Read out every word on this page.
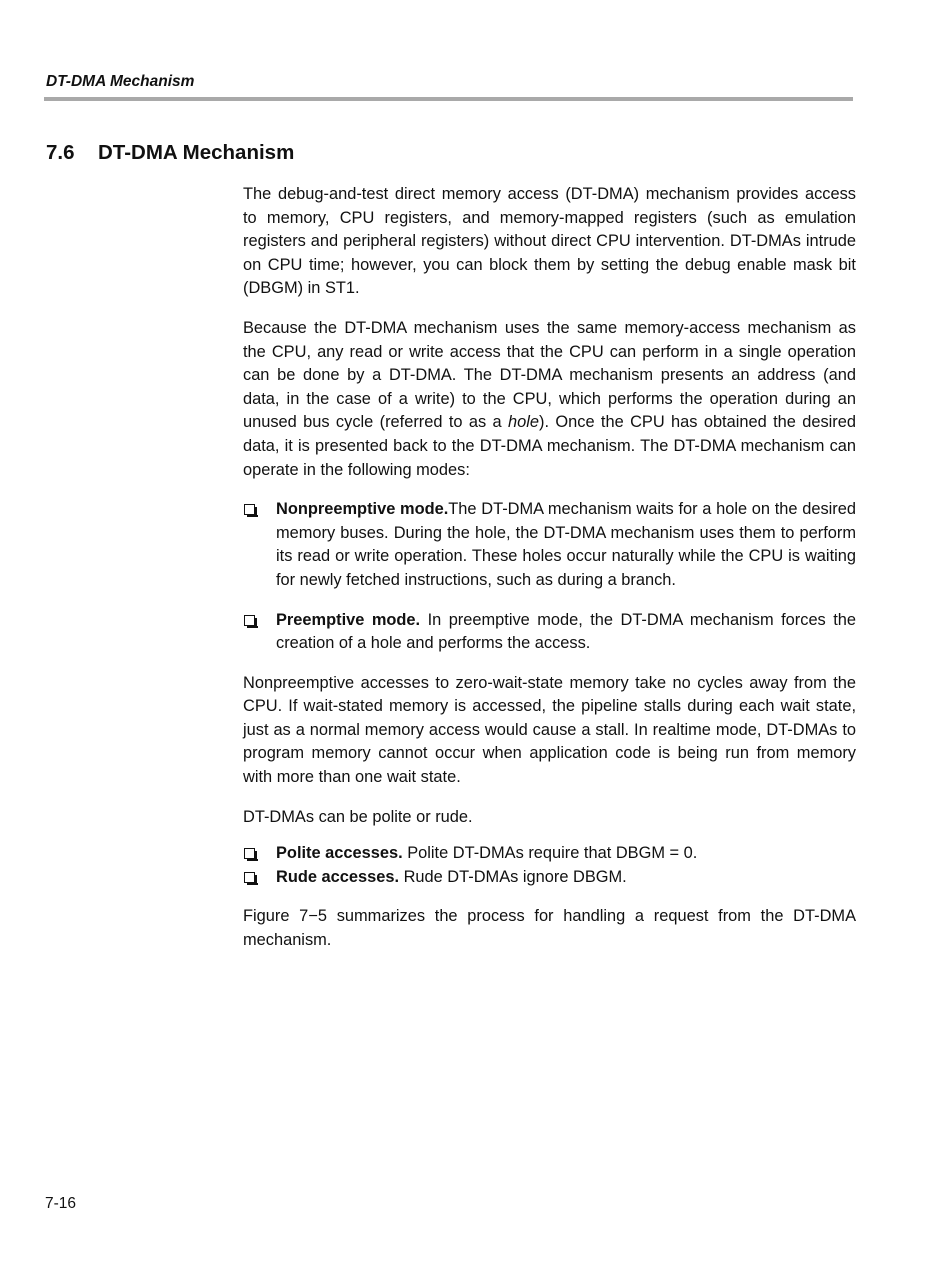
DT-DMA Mechanism
7.6 DT-DMA Mechanism

The debug-and-test direct memory access (DT-DMA) mechanism provides access to memory, CPU registers, and memory-mapped registers (such as emulation registers and peripheral registers) without direct CPU intervention. DT-DMAs intrude on CPU time; however, you can block them by setting the debug enable mask bit (DBGM) in ST1.

Because the DT-DMA mechanism uses the same memory-access mechanism as the CPU, any read or write access that the CPU can perform in a single operation can be done by a DT-DMA. The DT-DMA mechanism presents an address (and data, in the case of a write) to the CPU, which performs the operation during an unused bus cycle (referred to as a hole). Once the CPU has obtained the desired data, it is presented back to the DT-DMA mechanism. The DT-DMA mechanism can operate in the following modes:

Nonpreemptive mode.The DT-DMA mechanism waits for a hole on the desired memory buses. During the hole, the DT-DMA mechanism uses them to perform its read or write operation. These holes occur naturally while the CPU is waiting for newly fetched instructions, such as during a branch.
Preemptive mode. In preemptive mode, the DT-DMA mechanism forces the creation of a hole and performs the access.

Nonpreemptive accesses to zero-wait-state memory take no cycles away from the CPU. If wait-stated memory is accessed, the pipeline stalls during each wait state, just as a normal memory access would cause a stall. In realtime mode, DT-DMAs to program memory cannot occur when application code is being run from memory with more than one wait state.

DT-DMAs can be polite or rude.

Polite accesses. Polite DT-DMAs require that DBGM = 0.
Rude accesses. Rude DT-DMAs ignore DBGM.

Figure 7−5 summarizes the process for handling a request from the DT-DMA mechanism.

7-16
